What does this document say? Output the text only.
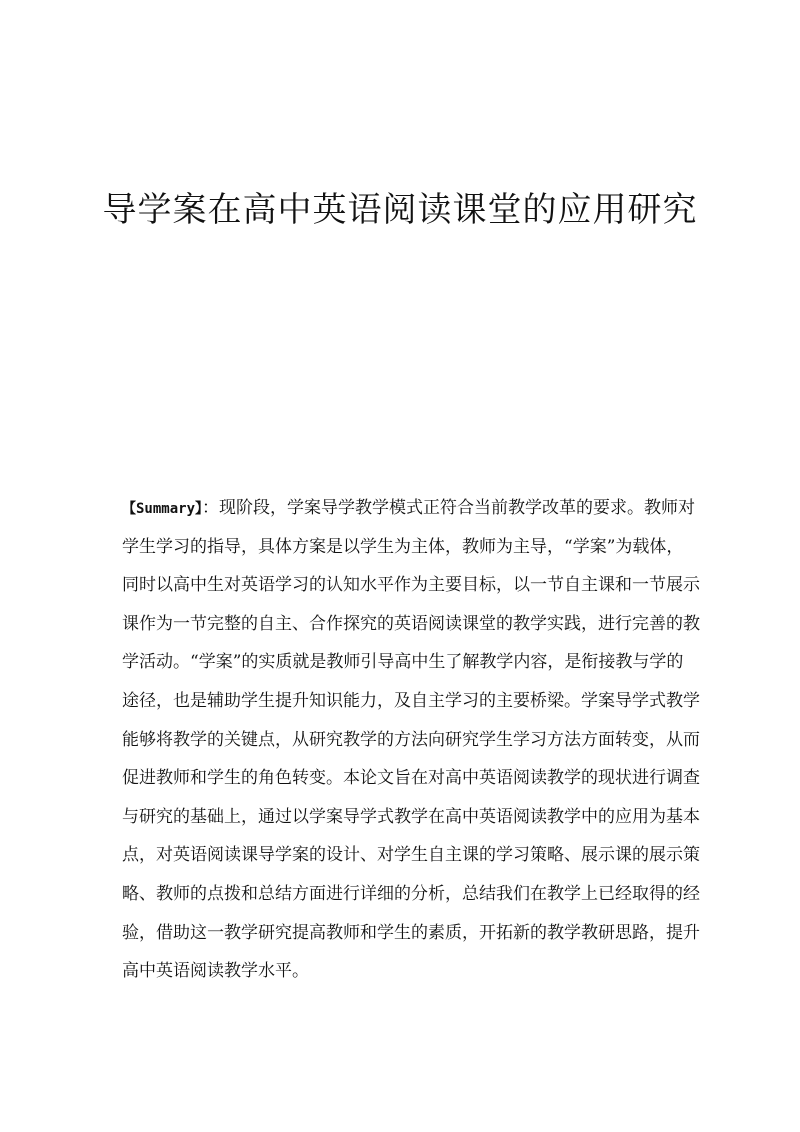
导学案在高中英语阅读课堂的应用研究
【Summary】：现阶段，学案导学教学模式正符合当前教学改革的要求。教师对
学生学习的指导，具体方案是以学生为主体，教师为主导，“学案”为载体，
同时以高中生对英语学习的认知水平作为主要目标，以一节自主课和一节展示
课作为一节完整的自主、合作探究的英语阅读课堂的教学实践，进行完善的教
学活动。“学案”的实质就是教师引导高中生了解教学内容，是衔接教与学的
途径，也是辅助学生提升知识能力，及自主学习的主要桥梁。学案导学式教学
能够将教学的关键点，从研究教学的方法向研究学生学习方法方面转变，从而
促进教师和学生的角色转变。本论文旨在对高中英语阅读教学的现状进行调查
与研究的基础上，通过以学案导学式教学在高中英语阅读教学中的应用为基本
点，对英语阅读课导学案的设计、对学生自主课的学习策略、展示课的展示策
略、教师的点拨和总结方面进行详细的分析，总结我们在教学上已经取得的经
验，借助这一教学研究提高教师和学生的素质，开拓新的教学教研思路，提升
高中英语阅读教学水平。
